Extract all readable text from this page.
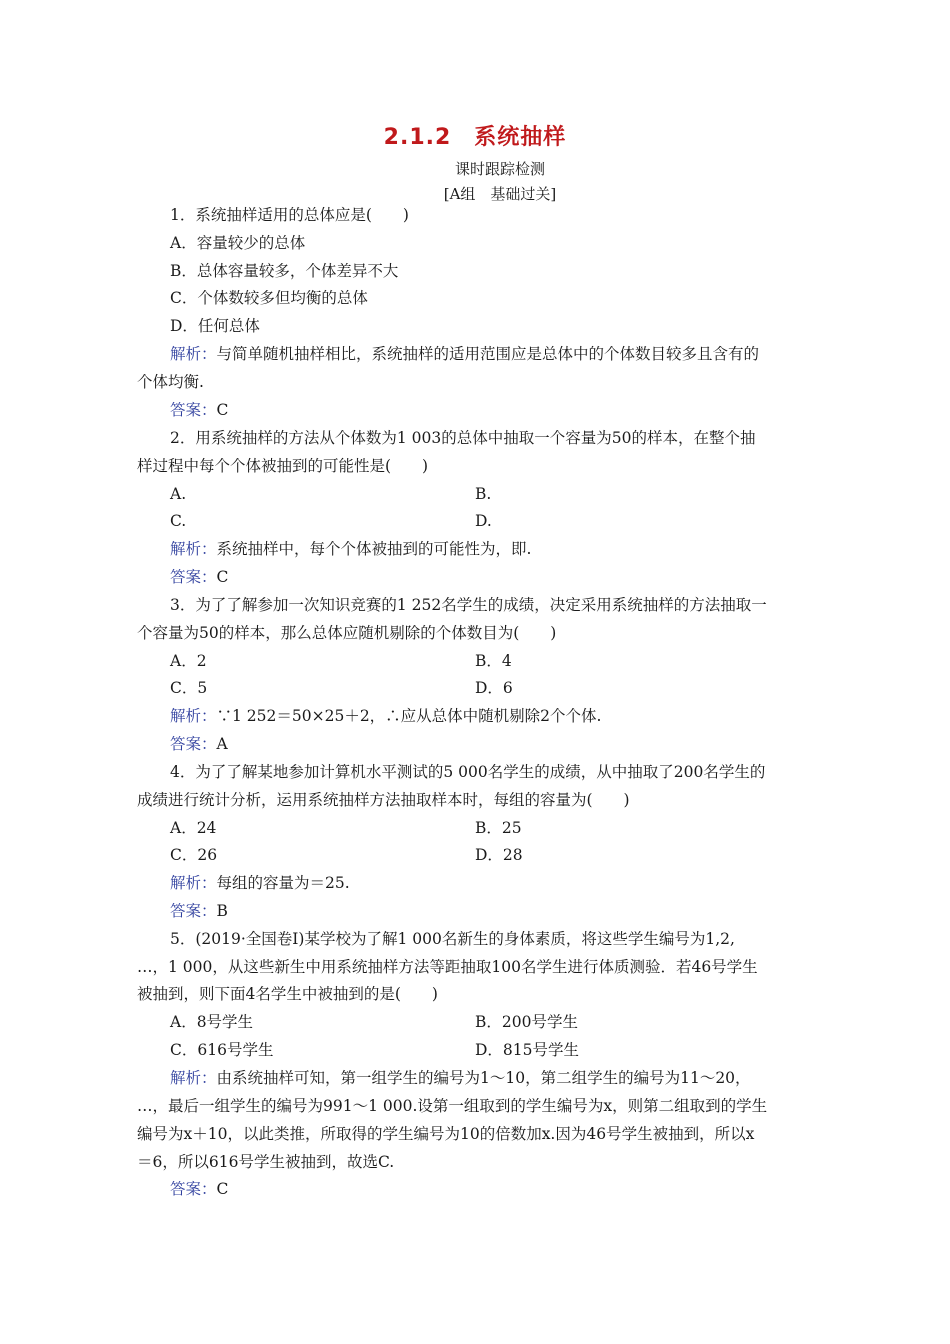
2.1.2　系统抽样
课时跟踪检测
[A组　基础过关]
1．系统抽样适用的总体应是(　　)
A．容量较少的总体
B．总体容量较多，个体差异不大
C．个体数较多但均衡的总体
D．任何总体
解析：与简单随机抽样相比，系统抽样的适用范围应是总体中的个体数目较多且含有的
个体均衡.
答案：C
2．用系统抽样的方法从个体数为1 003的总体中抽取一个容量为50的样本，在整个抽
样过程中每个个体被抽到的可能性是(　　)
A.	B.
C.	D.
解析：系统抽样中，每个个体被抽到的可能性为，即.
答案：C
3．为了了解参加一次知识竞赛的1 252名学生的成绩，决定采用系统抽样的方法抽取一
个容量为50的样本，那么总体应随机剔除的个体数目为(　　)
A．2	B．4
C．5	D．6
解析：∵1 252＝50×25＋2，∴应从总体中随机剔除2个个体.
答案：A
4．为了了解某地参加计算机水平测试的5 000名学生的成绩，从中抽取了200名学生的
成绩进行统计分析，运用系统抽样方法抽取样本时，每组的容量为(　　)
A．24	B．25
C．26	D．28
解析：每组的容量为＝25.
答案：B
5．(2019·全国卷Ⅰ)某学校为了解1 000名新生的身体素质，将这些学生编号为1,2,
…，1 000，从这些新生中用系统抽样方法等距抽取100名学生进行体质测验．若46号学生
被抽到，则下面4名学生中被抽到的是(　　)
A．8号学生	B．200号学生
C．616号学生	D．815号学生
解析：由系统抽样可知，第一组学生的编号为1～10，第二组学生的编号为11～20，
…，最后一组学生的编号为991～1 000.设第一组取到的学生编号为x，则第二组取到的学生
编号为x＋10，以此类推，所取得的学生编号为10的倍数加x.因为46号学生被抽到，所以x
＝6，所以616号学生被抽到，故选C.
答案：C
